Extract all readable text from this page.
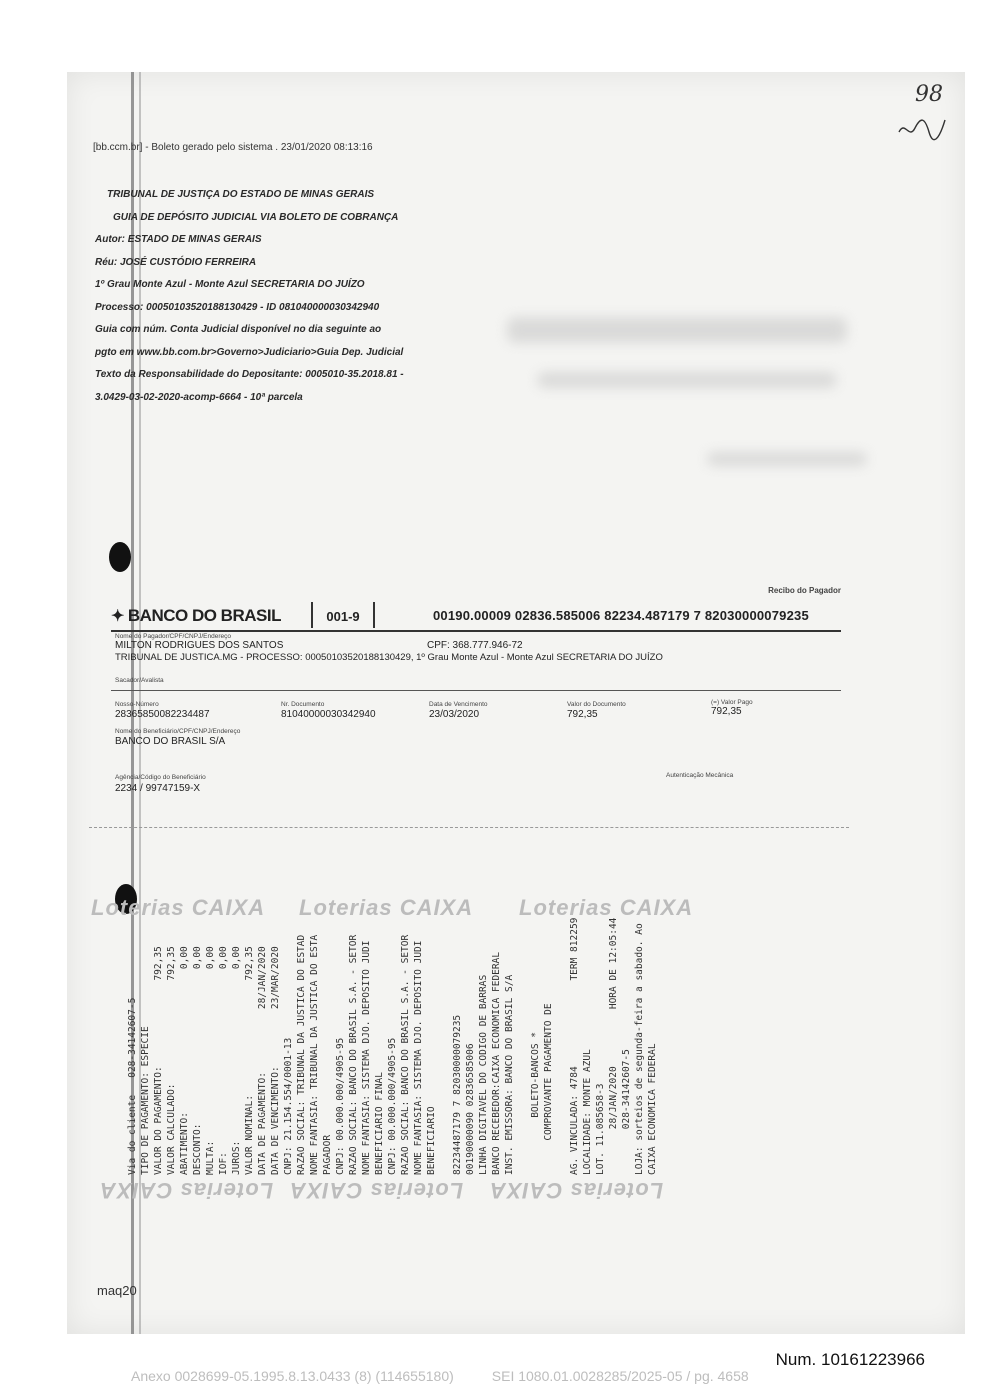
98
[bb.ccm.br] - Boleto gerado pelo sistema . 23/01/2020 08:13:16
TRIBUNAL DE JUSTIÇA DO ESTADO DE MINAS GERAIS
GUIA DE DEPÓSITO JUDICIAL VIA BOLETO DE COBRANÇA
Autor: ESTADO DE MINAS GERAIS
Réu: JOSÉ CUSTÓDIO FERREIRA
1º Grau Monte Azul - Monte Azul SECRETARIA DO JUÍZO
Processo: 00050103520188130429 - ID 081040000030342940
Guia com núm. Conta Judicial disponível no dia seguinte ao
pgto em www.bb.com.br>Governo>Judiciario>Guia Dep. Judicial
Texto da Responsabilidade do Depositante: 0005010-35.2018.81 -
3.0429-03-02-2020-acomp-6664 - 10ª parcela
Recibo do Pagador
✦ BANCO DO BRASIL	001-9	00190.00009 02836.585006 82234.487179 7 82030000079235
Nome do Pagador/CPF/CNPJ/Endereço
MILTON RODRIGUES DOS SANTOS	CPF: 368.777.946-72
TRIBUNAL DE JUSTICA.MG - PROCESSO: 00050103520188130429, 1º Grau Monte Azul - Monte Azul SECRETARIA DO JUÍZO
Sacador/Avalista
Nosso-Número
28365850082234487
Nr. Documento
81040000030342940
Data de Vencimento
23/03/2020
Valor do Documento
792,35
(=) Valor Pago
792,35
Nome do Beneficiário/CPF/CNPJ/Endereço
BANCO DO BRASIL S/A
Agência/Código do Beneficiário
2234 / 99747159-X
Autenticação Mecânica
Loterias CAIXA Loterias CAIXA Loterias CAIXA
Loterias CAIXA Loterias CAIXA Loterias CAIXA
CAIXA ECONOMICA FEDERAL
LOJA: sorteios de segunda-feira a sabado. Ao
028-34142607-5
28/JAN/2020          HORA DE 12:05:44
LOT. 11.085658-3
LOCALIDADE: MONTE AZUL
AG. VINCULADA: 4784               TERM 812259
COMPROVANTE PAGAMENTO DE
BOLETO-BANCOS *
INST. EMISSORA: BANCO DO BRASIL S/A
BANCO RECEBEDOR:CAIXA ECONOMICA FEDERAL
LINHA DIGITAVEL DO CODIGO DE BARRAS
00190000090 02836585006
82234487179 7 82030000079235
BENEFICIARIO
NOME FANTASIA: SISTEMA DJO. DEPOSITO JUDI
RAZAO SOCIAL: BANCO DO BRASIL S.A. - SETOR
CNPJ: 00.000.000/4905-95
BENEFICIARIO FINAL
NOME FANTASIA: SISTEMA DJO. DEPOSITO JUDI
RAZAO SOCIAL: BANCO DO BRASIL S.A. - SETOR
CNPJ: 00.000.000/4905-95
PAGADOR
NOME FANTASIA: TRIBUNAL DA JUSTICA DO ESTA
RAZAO SOCIAL: TRIBUNAL DA JUSTICA DO ESTAD
CNPJ: 21.154.554/0001-13
DATA DE VENCIMENTO:          23/MAR/2020
DATA DE PAGAMENTO:           28/JAN/2020
VALOR NOMINAL:                    792,35
JUROS:                              0,00
IOF:                                0,00
MULTA:                              0,00
DESCONTO:                           0,00
ABATIMENTO:                         0,00
VALOR CALCULADO:                  792,35
VALOR DO PAGAMENTO:               792,35
TIPO DE PAGAMENTO: ESPECIE
Via do cliente   028-34142607-5
maq20
Num. 10161223966
Anexo 0028699-05.1995.8.13.0433 (8) (114655180)	SEI 1080.01.0028285/2025-05 / pg. 4658
